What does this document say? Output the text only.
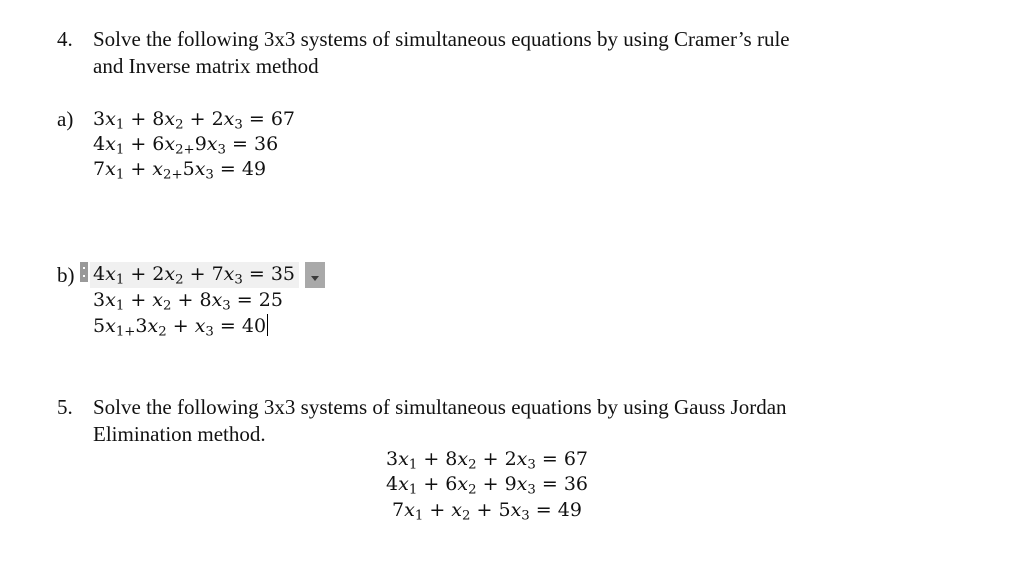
4. Solve the following 3x3 systems of simultaneous equations by using Cramer’s rule
and Inverse matrix method
a) $3x_1 + 8x_2 + 2x_3 = 67$
$4x_1 + 6x_{2+}9x_3 = 36$
$7x_1 + x_{2+}5x_3 = 49$
b) $4x_1 + 2x_2 + 7x_3 = 35$
$3x_1 + x_2 + 8x_3 = 25$
$5x_{1+}3x_2 + x_3 = 40$
5. Solve the following 3x3 systems of simultaneous equations by using Gauss Jordan
Elimination method.
$3x_1 + 8x_2 + 2x_3 = 67$
$4x_1 + 6x_2 + 9x_3 = 36$
$7x_1 + x_2 + 5x_3 = 49$
